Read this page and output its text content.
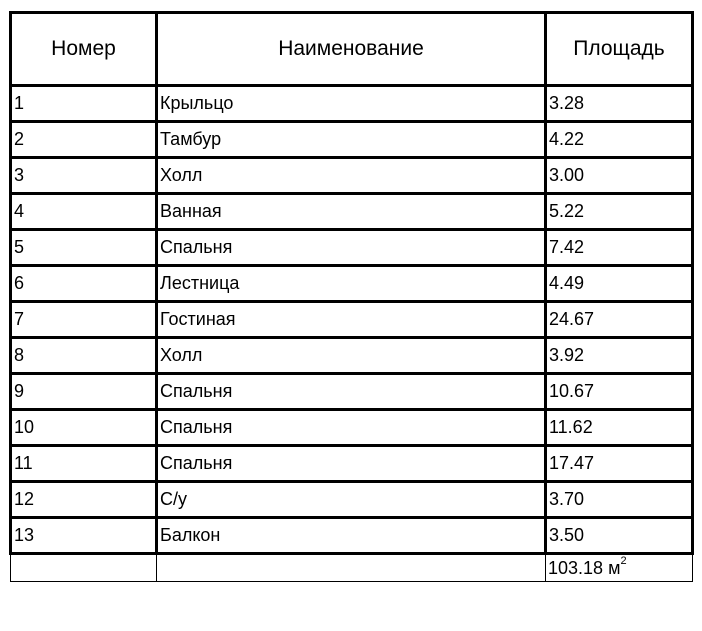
Номер	Наименование	Площадь
1	Крыльцо	3.28
2	Тамбур	4.22
3	Холл	3.00
4	Ванная	5.22
5	Спальня	7.42
6	Лестница	4.49
7	Гостиная	24.67
8	Холл	3.92
9	Спальня	10.67
10	Спальня	11.62
11	Спальня	17.47
12	С/у	3.70
13	Балкон	3.50
		103.18 $м^2$
